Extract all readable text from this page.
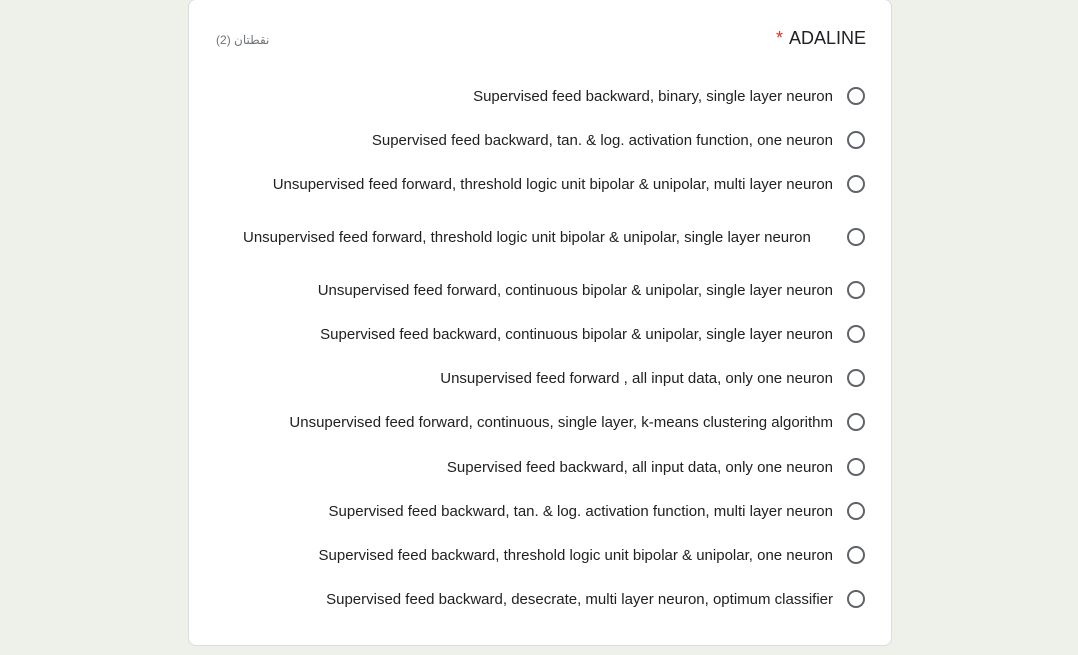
* ADALINE
نقطتان (2)
Supervised feed backward, binary, single layer neuron
Supervised feed backward, tan. & log. activation function, one neuron
Unsupervised feed forward, threshold logic unit bipolar & unipolar, multi layer neuron
Unsupervised feed forward, threshold logic unit bipolar & unipolar, single layer neuron
Unsupervised feed forward, continuous bipolar & unipolar, single layer neuron
Supervised feed backward, continuous bipolar & unipolar, single layer neuron
Unsupervised feed forward , all input data, only one neuron
Unsupervised feed forward, continuous, single layer, k-means clustering algorithm
Supervised feed backward, all input data, only one neuron
Supervised feed backward, tan. & log. activation function, multi layer neuron
Supervised feed backward, threshold logic unit bipolar & unipolar, one neuron
Supervised feed backward, desecrate, multi layer neuron, optimum classifier
